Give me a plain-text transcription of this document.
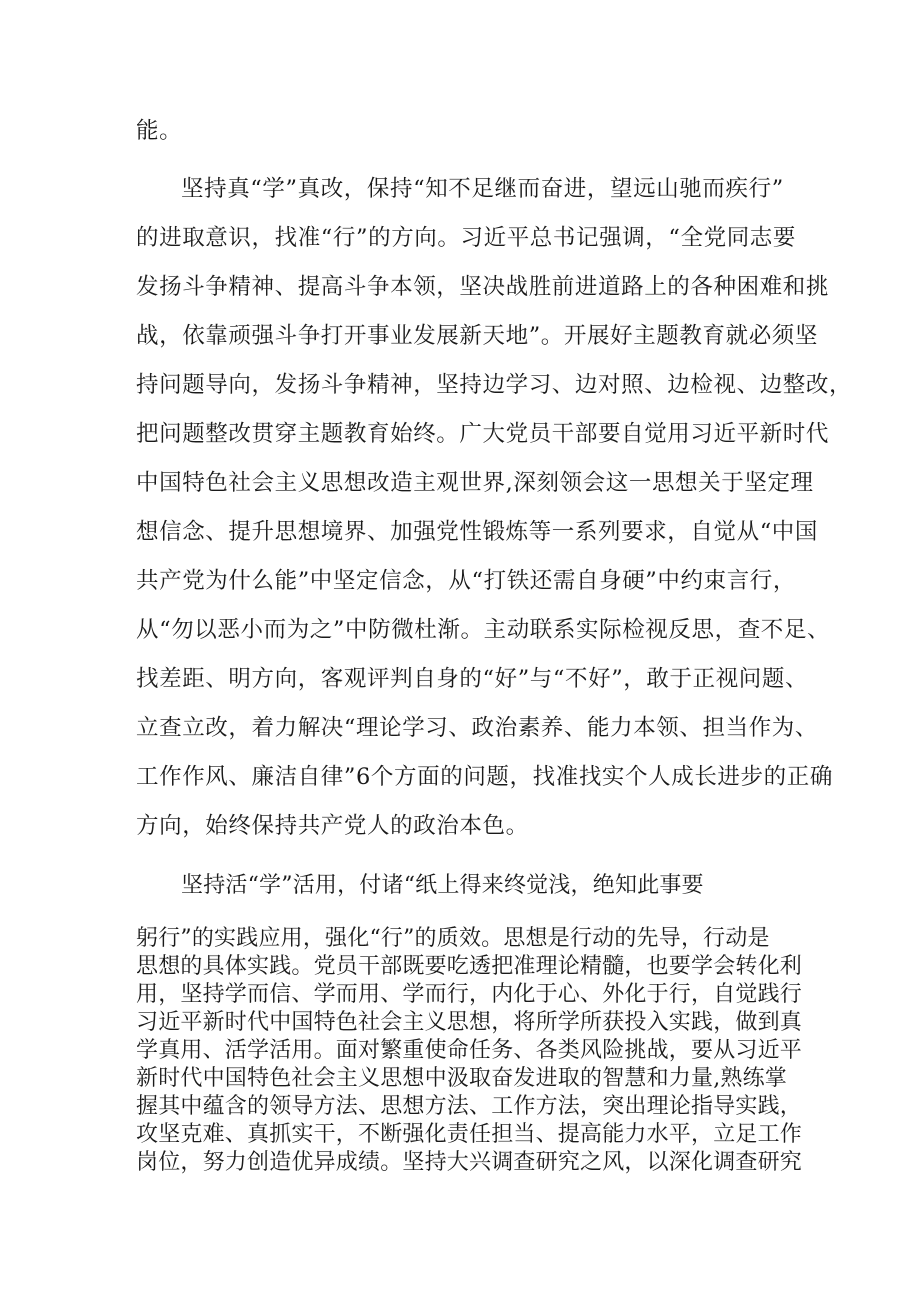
能。
坚持真“学”真改，保持“知不足继而奋进，望远山驰而疾行”
的进取意识，找准“行”的方向。习近平总书记强调，“全党同志要
发扬斗争精神、提高斗争本领，坚决战胜前进道路上的各种困难和挑
战，依靠顽强斗争打开事业发展新天地”。开展好主题教育就必须坚
持问题导向，发扬斗争精神，坚持边学习、边对照、边检视、边整改，
把问题整改贯穿主题教育始终。广大党员干部要自觉用习近平新时代
中国特色社会主义思想改造主观世界,深刻领会这一思想关于坚定理
想信念、提升思想境界、加强党性锻炼等一系列要求，自觉从“中国
共产党为什么能”中坚定信念，从“打铁还需自身硬”中约束言行，
从“勿以恶小而为之”中防微杜渐。主动联系实际检视反思，查不足、
找差距、明方向，客观评判自身的“好”与“不好”，敢于正视问题、
立查立改，着力解决“理论学习、政治素养、能力本领、担当作为、
工作作风、廉洁自律”6个方面的问题，找准找实个人成长进步的正确
方向，始终保持共产党人的政治本色。
坚持活“学”活用，付诸“纸上得来终觉浅，绝知此事要
躬行”的实践应用，强化“行”的质效。思想是行动的先导，行动是
思想的具体实践。党员干部既要吃透把准理论精髓，也要学会转化利
用，坚持学而信、学而用、学而行，内化于心、外化于行，自觉践行
习近平新时代中国特色社会主义思想，将所学所获投入实践，做到真
学真用、活学活用。面对繁重使命任务、各类风险挑战，要从习近平
新时代中国特色社会主义思想中汲取奋发进取的智慧和力量,熟练掌
握其中蕴含的领导方法、思想方法、工作方法，突出理论指导实践，
攻坚克难、真抓实干，不断强化责任担当、提高能力水平，立足工作
岗位，努力创造优异成绩。坚持大兴调查研究之风，以深化调查研究
